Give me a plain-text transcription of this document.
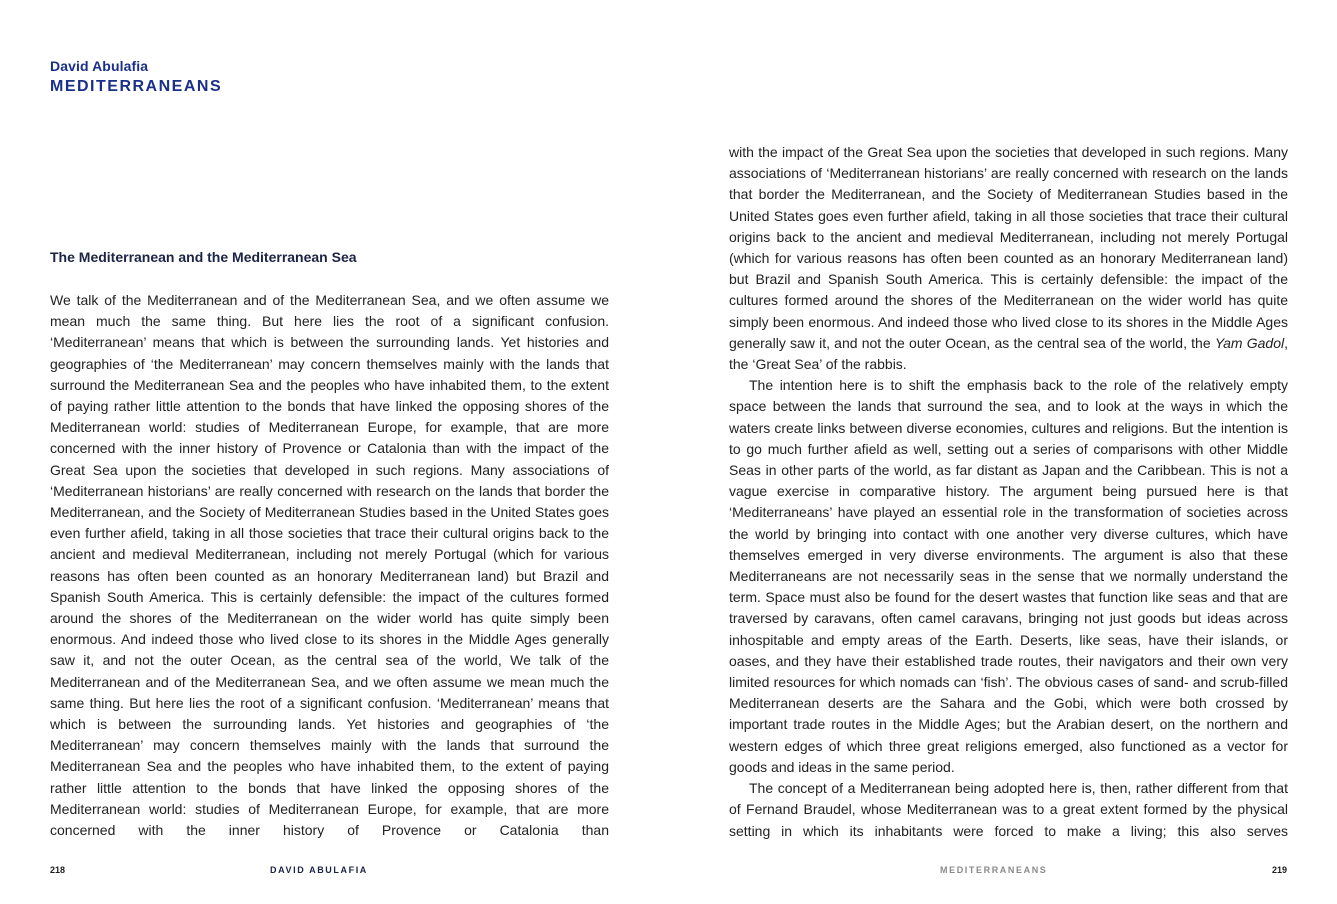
David Abulafia
MEDITERRANEANS
The Mediterranean and the Mediterranean Sea

We talk of the Mediterranean and of the Mediterranean Sea, and we often assume we mean much the same thing. But here lies the root of a significant confusion. ‘Mediterranean’ means that which is between the surrounding lands. Yet histories and geographies of ‘the Mediterranean’ may concern themselves mainly with the lands that surround the Mediterranean Sea and the peoples who have inhabited them, to the extent of paying rather little attention to the bonds that have linked the opposing shores of the Mediterranean world: studies of Mediterranean Europe, for example, that are more concerned with the inner history of Provence or Catalonia than with the impact of the Great Sea upon the societies that developed in such regions. Many associations of ‘Mediterranean historians’ are really concerned with research on the lands that border the Mediterranean, and the Society of Mediterranean Studies based in the United States goes even further afield, taking in all those societies that trace their cultural origins back to the ancient and medieval Mediterranean, including not merely Portugal (which for various reasons has often been counted as an honorary Mediterranean land) but Brazil and Spanish South America. This is certainly defensible: the impact of the cultures formed around the shores of the Mediterranean on the wider world has quite simply been enormous. And indeed those who lived close to its shores in the Middle Ages generally saw it, and not the outer Ocean, as the central sea of the world, We talk of the Mediterranean and of the Mediterranean Sea, and we often assume we mean much the same thing. But here lies the root of a significant confusion. ‘Mediterranean’ means that which is between the surrounding lands. Yet histories and geographies of ‘the Mediterranean’ may concern themselves mainly with the lands that surround the Mediterranean Sea and the peoples who have inhabited them, to the extent of paying rather little attention to the bonds that have linked the opposing shores of the Mediterranean world: studies of Mediterranean Europe, for example, that are more concerned with the inner history of Provence or Catalonia than

218	DAVID ABULAFIA

with the impact of the Great Sea upon the societies that developed in such regions. Many associations of ‘Mediterranean historians’ are really concerned with research on the lands that border the Mediterranean, and the Society of Mediterranean Studies based in the United States goes even further afield, taking in all those societies that trace their cultural origins back to the ancient and medieval Mediterranean, including not merely Portugal (which for various reasons has often been counted as an honorary Mediterranean land) but Brazil and Spanish South America. This is certainly defensible: the impact of the cultures formed around the shores of the Mediterranean on the wider world has quite simply been enormous. And indeed those who lived close to its shores in the Middle Ages generally saw it, and not the outer Ocean, as the central sea of the world, the Yam Gadol, the ‘Great Sea’ of the rabbis.

The intention here is to shift the emphasis back to the role of the relatively empty space between the lands that surround the sea, and to look at the ways in which the waters create links between diverse economies, cultures and religions. But the intention is to go much further afield as well, setting out a series of comparisons with other Middle Seas in other parts of the world, as far distant as Japan and the Caribbean. This is not a vague exercise in comparative history. The argument being pursued here is that ‘Mediterraneans’ have played an essential role in the transformation of societies across the world by bringing into contact with one another very diverse cultures, which have themselves emerged in very diverse environments. The argument is also that these Mediterraneans are not necessarily seas in the sense that we normally understand the term. Space must also be found for the desert wastes that function like seas and that are traversed by caravans, often camel caravans, bringing not just goods but ideas across inhospitable and empty areas of the Earth. Deserts, like seas, have their islands, or oases, and they have their established trade routes, their navigators and their own very limited resources for which nomads can ‘fish’. The obvious cases of sand- and scrub-filled Mediterranean deserts are the Sahara and the Gobi, which were both crossed by important trade routes in the Middle Ages; but the Arabian desert, on the northern and western edges of which three great religions emerged, also functioned as a vector for goods and ideas in the same period.

The concept of a Mediterranean being adopted here is, then, rather different from that of Fernand Braudel, whose Mediterranean was to a great extent formed by the physical setting in which its inhabitants were forced to make a living; this also serves

MEDITERRANEANS	219
